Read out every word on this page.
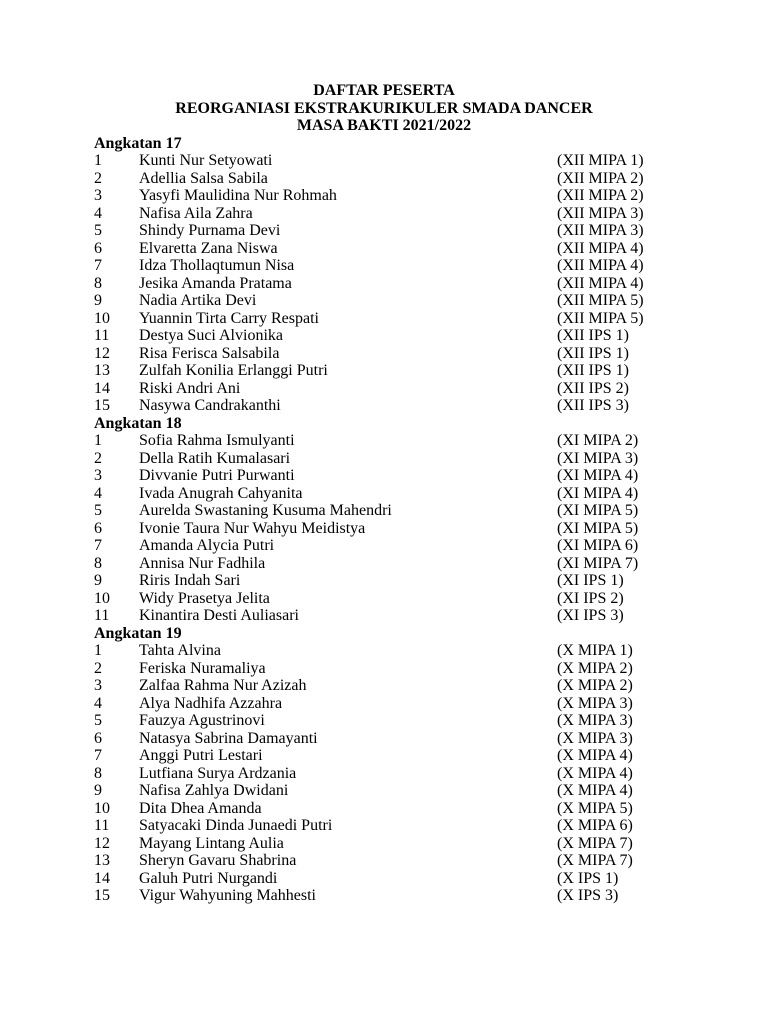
DAFTAR PESERTA
REORGANIASI EKSTRAKURIKULER SMADA DANCER
MASA BAKTI 2021/2022
Angkatan 17
1 Kunti Nur Setyowati	(XII MIPA 1)
2 Adellia Salsa Sabila	(XII MIPA 2)
3 Yasyfi Maulidina Nur Rohmah	(XII MIPA 2)
4 Nafisa Aila Zahra	(XII MIPA 3)
5 Shindy Purnama Devi	(XII MIPA 3)
6 Elvaretta Zana Niswa	(XII MIPA 4)
7 Idza Thollaqtumun Nisa	(XII MIPA 4)
8 Jesika Amanda Pratama	(XII MIPA 4)
9 Nadia Artika Devi	(XII MIPA 5)
10 Yuannin Tirta Carry Respati	(XII MIPA 5)
11 Destya Suci Alvionika	(XII IPS 1)
12 Risa Ferisca Salsabila	(XII IPS 1)
13 Zulfah Konilia Erlanggi Putri	(XII IPS 1)
14 Riski Andri Ani	(XII IPS 2)
15 Nasywa Candrakanthi	(XII IPS 3)
Angkatan 18
1 Sofia Rahma Ismulyanti	(XI MIPA 2)
2 Della Ratih Kumalasari	(XI MIPA 3)
3 Divvanie Putri Purwanti	(XI MIPA 4)
4 Ivada Anugrah Cahyanita	(XI MIPA 4)
5 Aurelda Swastaning Kusuma Mahendri	(XI MIPA 5)
6 Ivonie Taura Nur Wahyu Meidistya	(XI MIPA 5)
7 Amanda Alycia Putri	(XI MIPA 6)
8 Annisa Nur Fadhila	(XI MIPA 7)
9 Riris Indah Sari	(XI IPS 1)
10 Widy Prasetya Jelita	(XI IPS 2)
11 Kinantira Desti Auliasari	(XI IPS 3)
Angkatan 19
1 Tahta Alvina	(X MIPA 1)
2 Feriska Nuramaliya	(X MIPA 2)
3 Zalfaa Rahma Nur Azizah	(X MIPA 2)
4 Alya Nadhifa Azzahra	(X MIPA 3)
5 Fauzya Agustrinovi	(X MIPA 3)
6 Natasya Sabrina Damayanti	(X MIPA 3)
7 Anggi Putri Lestari	(X MIPA 4)
8 Lutfiana Surya Ardzania	(X MIPA 4)
9 Nafisa Zahlya Dwidani	(X MIPA 4)
10 Dita Dhea Amanda	(X MIPA 5)
11 Satyacaki Dinda Junaedi Putri	(X MIPA 6)
12 Mayang Lintang Aulia	(X MIPA 7)
13 Sheryn Gavaru Shabrina	(X MIPA 7)
14 Galuh Putri Nurgandi	(X IPS 1)
15 Vigur Wahyuning Mahhesti	(X IPS 3)
